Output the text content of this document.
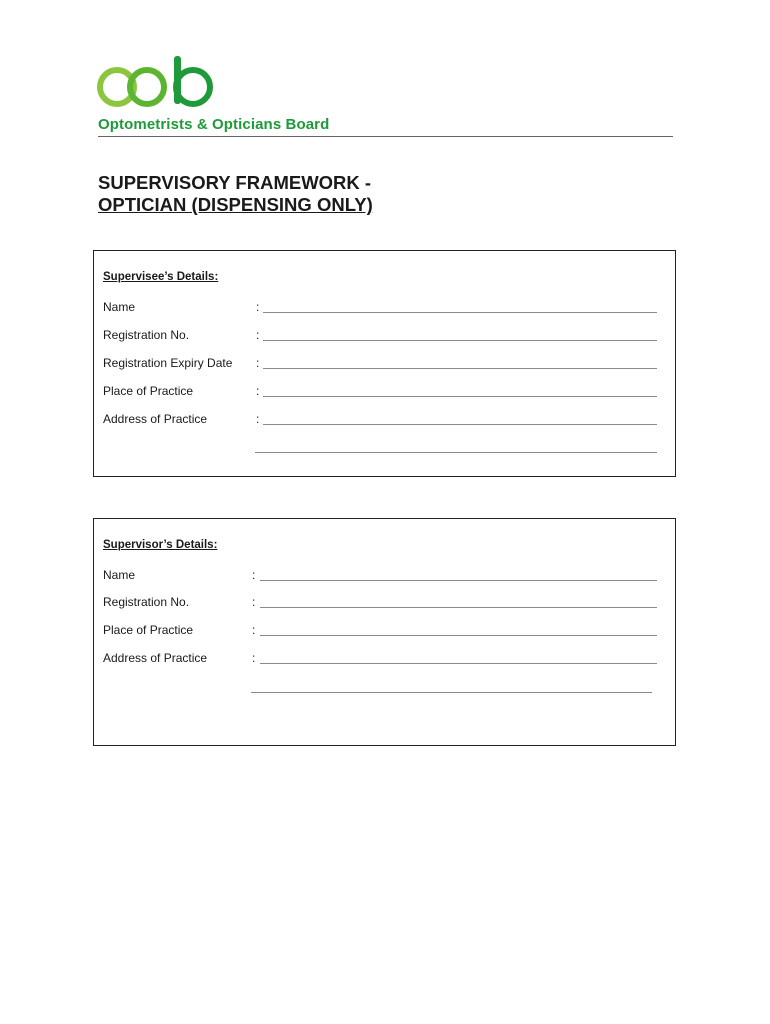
Optometrists & Opticians Board
SUPERVISORY FRAMEWORK -
OPTICIAN (DISPENSING ONLY)
Supervisee’s Details:
Name	:
Registration No.	:
Registration Expiry Date :
Place of Practice	:
Address of Practice	:
Supervisor’s Details:
Name	:
Registration No.	:
Place of Practice	:
Address of Practice	:
